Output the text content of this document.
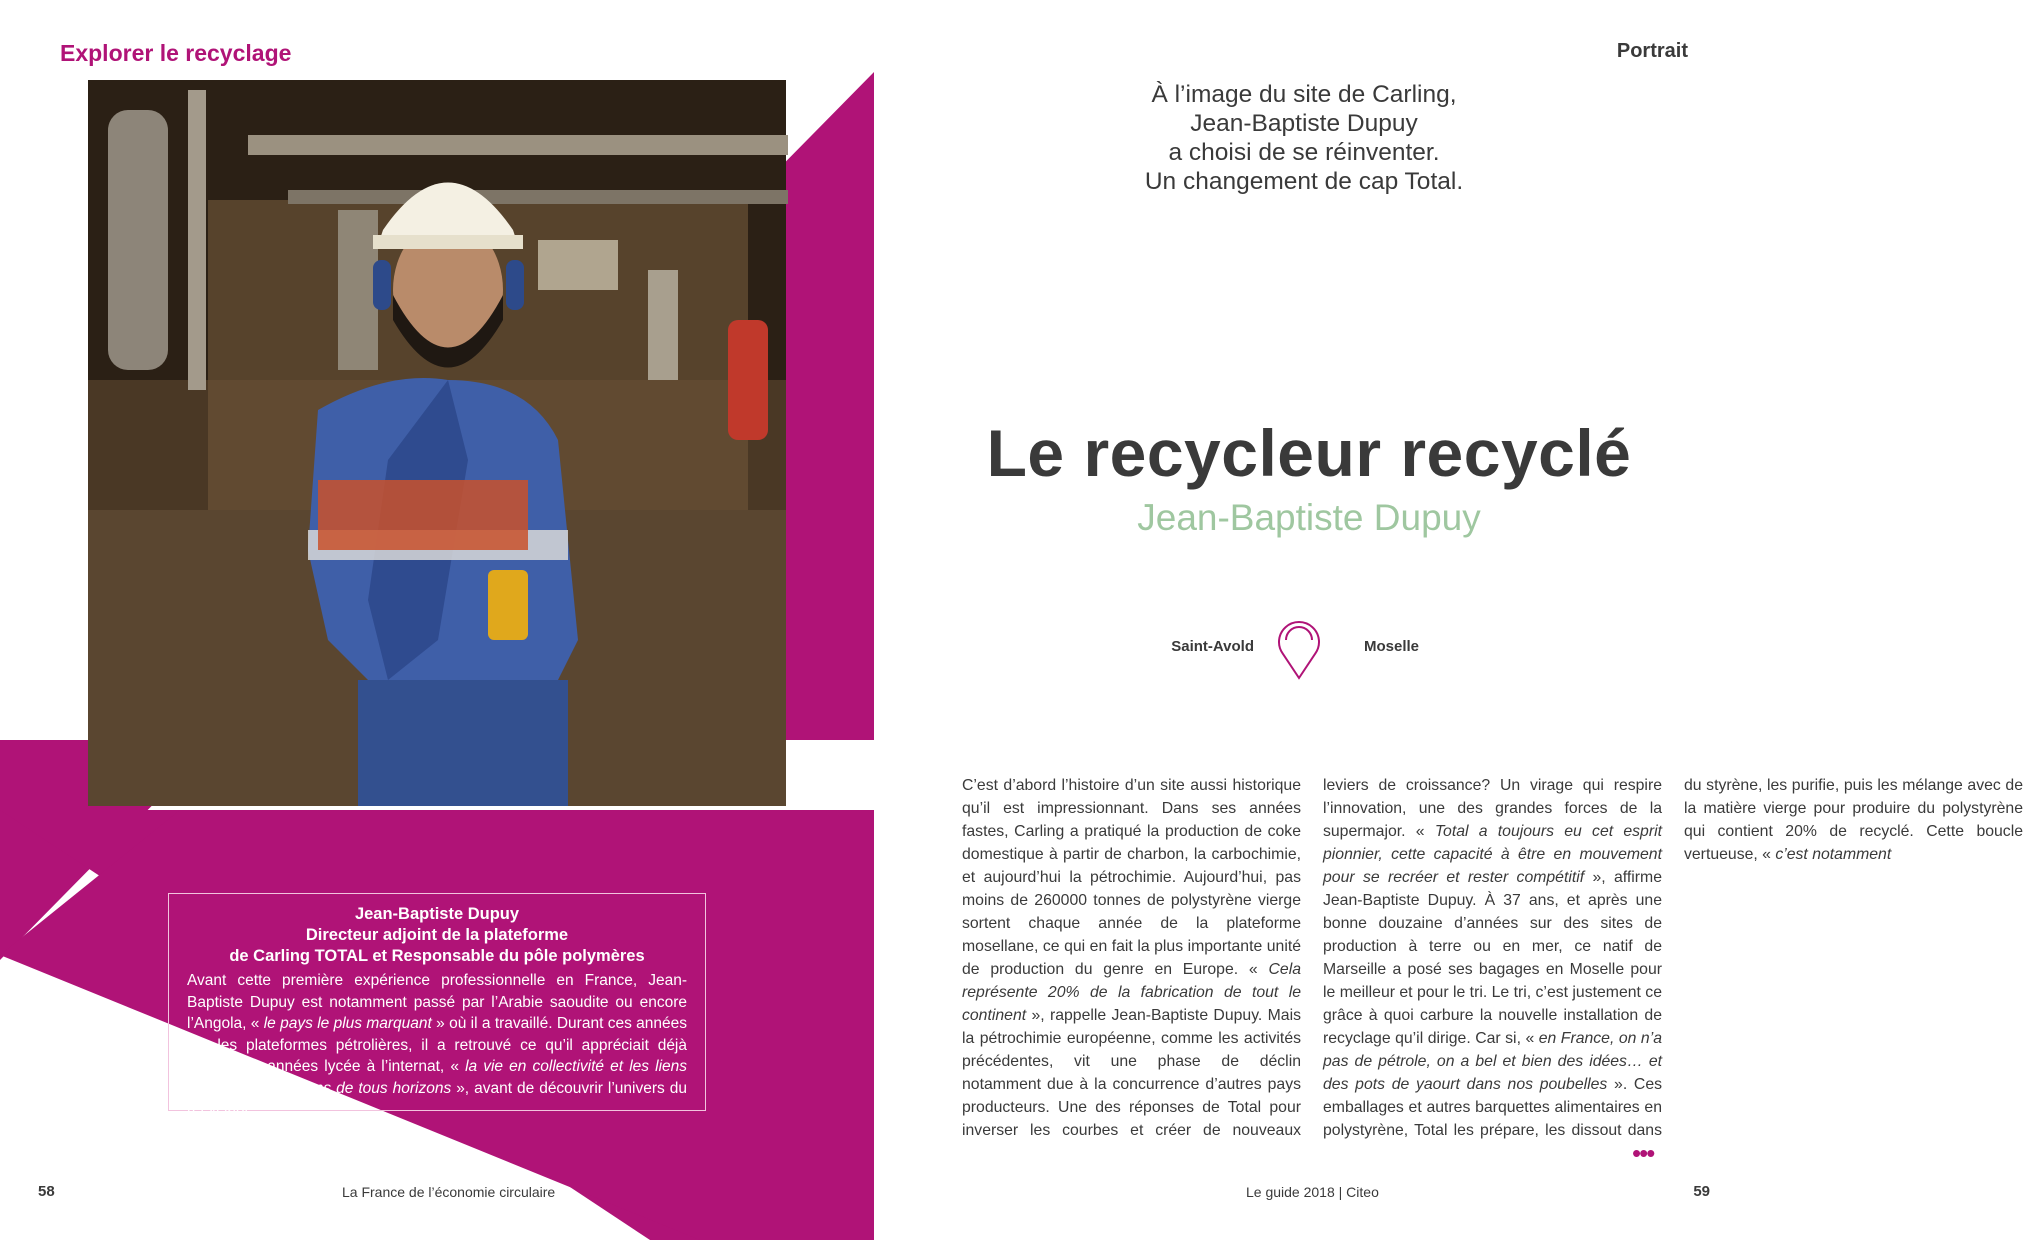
Explorer le recyclage
Jean-Baptiste Dupuy
Directeur adjoint de la plateforme
de Carling TOTAL et Responsable du pôle polymères

Avant cette première expérience professionnelle en France, Jean-Baptiste Dupuy est notamment passé par l’Arabie saoudite ou encore l’Angola, « le pays le plus marquant » où il a travaillé. Durant ces années sur les plateformes pétrolières, il a retrouvé ce qu’il appréciait déjà durant ses années lycée à l’internat, « la vie en collectivité et les liens créés avec des gens de tous horizons », avant de découvrir l’univers du recyclage.

58	La France de l’économie circulaire
Portrait
À l’image du site de Carling,
Jean-Baptiste Dupuy
a choisi de se réinventer.
Un changement de cap Total.
Le recycleur recyclé
Jean-Baptiste Dupuy
Saint-Avold	Moselle
C’est d’abord l’histoire d’un site aussi historique qu’il est impressionnant. Dans ses années fastes, Carling a pratiqué la production de coke domestique à partir de charbon, la carbochimie, et aujourd’hui la pétrochimie. Aujourd’hui, pas moins de 260000 tonnes de polystyrène vierge sortent chaque année de la plateforme mosellane, ce qui en fait la plus importante unité de production du genre en Europe. « Cela représente 20% de la fabrication de tout le continent », rappelle Jean-Baptiste Dupuy. Mais la pétrochimie européenne, comme les activités précédentes, vit une phase de déclin notamment due à la concurrence d’autres pays producteurs. Une des réponses de Total pour inverser les courbes et créer de nouveaux leviers de croissance? Un virage qui respire l’innovation, une des grandes forces de la supermajor. « Total a toujours eu cet esprit pionnier, cette capacité à être en mouvement pour se recréer et rester compétitif », affirme Jean-Baptiste Dupuy. À 37 ans, et après une bonne douzaine d’années sur des sites de production à terre ou en mer, ce natif de Marseille a posé ses bagages en Moselle pour le meilleur et pour le tri. Le tri, c’est justement ce grâce à quoi carbure la nouvelle installation de recyclage qu’il dirige. Car si, « en France, on n’a pas de pétrole, on a bel et bien des idées… et des pots de yaourt dans nos poubelles ». Ces emballages et autres barquettes alimentaires en polystyrène, Total les prépare, les dissout dans du styrène, les purifie, puis les mélange avec de la matière vierge pour produire du polystyrène qui contient 20% de recyclé. Cette boucle vertueuse, « c’est notamment
•••
Le guide 2018 | Citeo	59
